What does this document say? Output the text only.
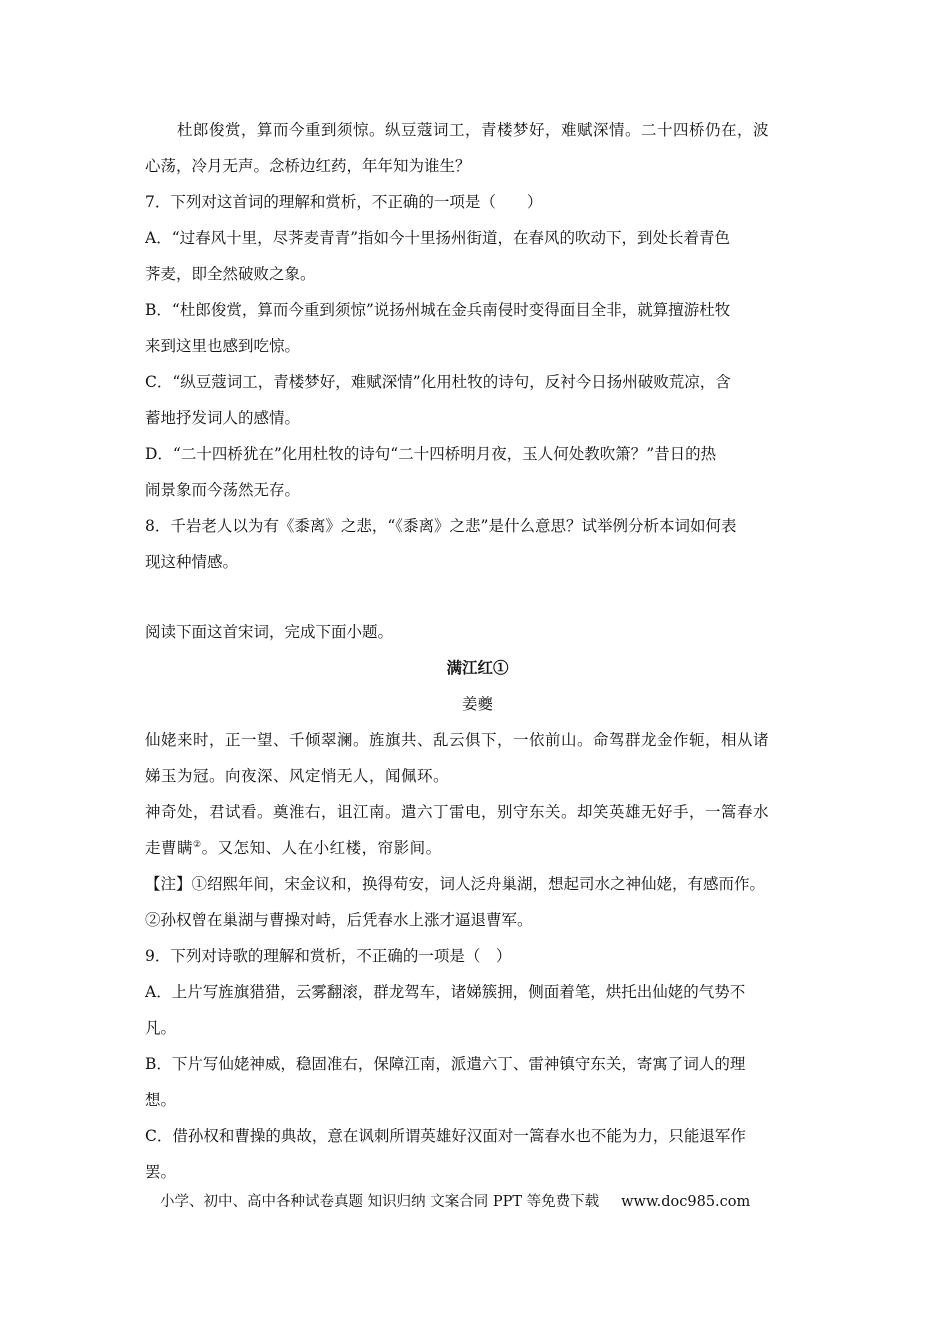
杜郎俊赏，算而今重到须惊。纵豆蔻词工，青楼梦好，难赋深情。二十四桥仍在，波
心荡，冷月无声。念桥边红药，年年知为谁生？
7．下列对这首词的理解和赏析，不正确的一项是（　　）
A．“过春风十里，尽荠麦青青”指如今十里扬州街道，在春风的吹动下，到处长着青色
荠麦，即全然破败之象。
B．“杜郎俊赏，算而今重到须惊”说扬州城在金兵南侵时变得面目全非，就算擅游杜牧
来到这里也感到吃惊。
C．“纵豆蔻词工，青楼梦好，难赋深情”化用杜牧的诗句，反衬今日扬州破败荒凉，含
蓄地抒发词人的感情。
D．“二十四桥犹在”化用杜牧的诗句“二十四桥明月夜，玉人何处教吹箫？”昔日的热
闹景象而今荡然无存。
8．千岩老人以为有《黍离》之悲，“《黍离》之悲”是什么意思？试举例分析本词如何表
现这种情感。
阅读下面这首宋词，完成下面小题。
满江红①
姜夔
仙姥来时，正一望、千倾翠澜。旌旗共、乱云俱下，一依前山。命驾群龙金作轭，相从诸
娣玉为冠。向夜深、风定悄无人，闻佩环。
神奇处，君试看。奠淮右，诅江南。遣六丁雷电，别守东关。却笑英雄无好手，一篙春水
走曹瞒②。又怎知、人在小红楼，帘影间。
【注】①绍熙年间，宋金议和，换得苟安，词人泛舟巢湖，想起司水之神仙姥，有感而作。
②孙权曾在巢湖与曹操对峙，后凭春水上涨才逼退曹军。
9．下列对诗歌的理解和赏析，不正确的一项是（　）
A．上片写旌旗猎猎，云雾翻滚，群龙驾车，诸娣簇拥，侧面着笔，烘托出仙姥的气势不
凡。
B．下片写仙姥神威，稳固准右，保障江南，派遣六丁、雷神镇守东关，寄寓了词人的理
想。
C．借孙权和曹操的典故，意在讽刺所谓英雄好汉面对一篙春水也不能为力，只能退军作
罢。
小学、初中、高中各种试卷真题 知识归纳 文案合同 PPT 等免费下载 www.doc985.com
